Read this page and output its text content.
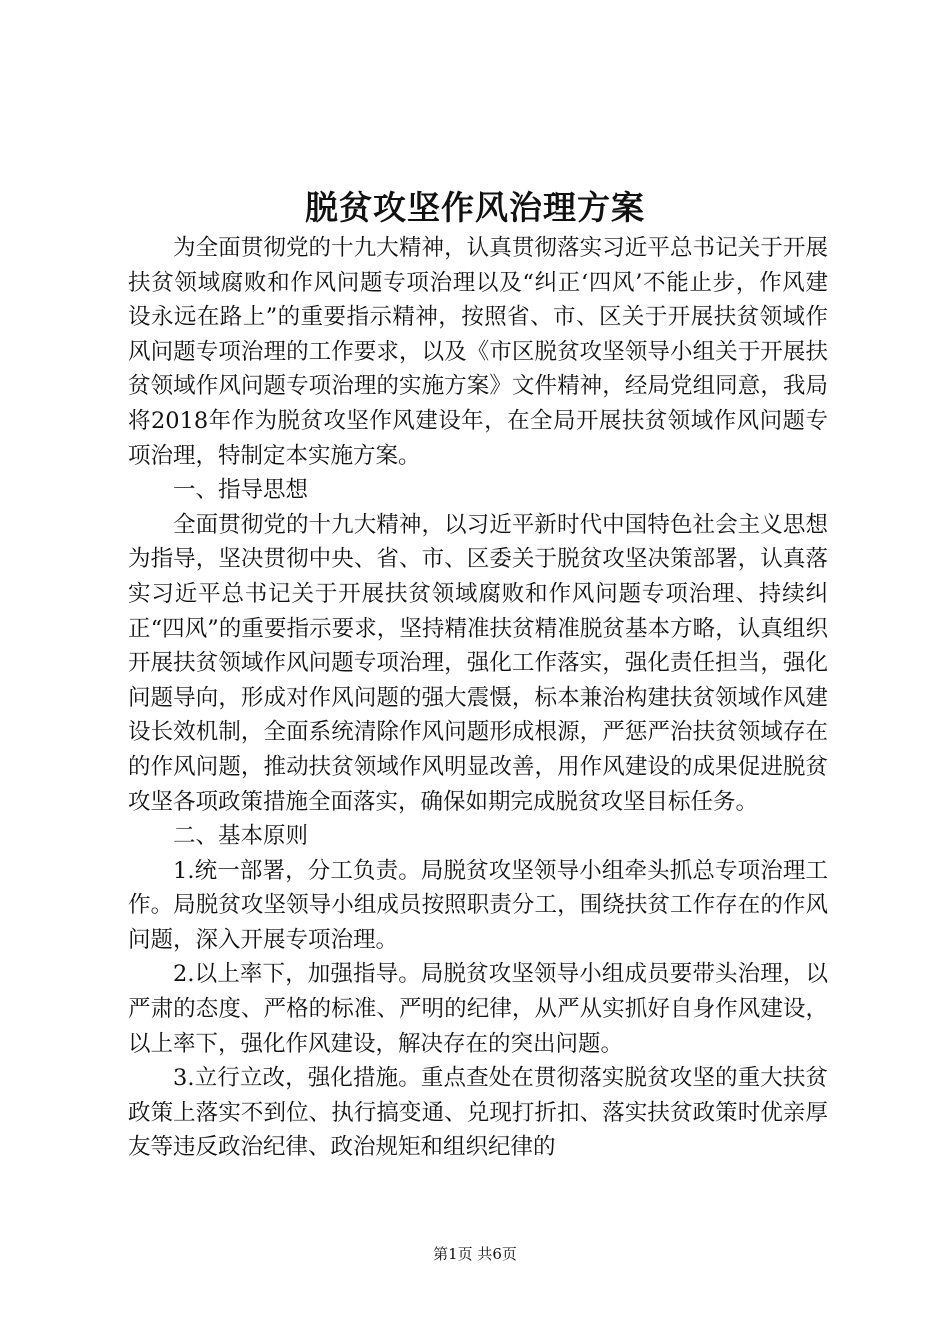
脱贫攻坚作风治理方案

为全面贯彻党的十九大精神，认真贯彻落实习近平总书记关于开展扶贫领域腐败和作风问题专项治理以及“纠正‘四风’不能止步，作风建设永远在路上”的重要指示精神，按照省、市、区关于开展扶贫领域作风问题专项治理的工作要求，以及《市区脱贫攻坚领导小组关于开展扶贫领域作风问题专项治理的实施方案》文件精神，经局党组同意，我局将2018年作为脱贫攻坚作风建设年，在全局开展扶贫领域作风问题专项治理，特制定本实施方案。

一、指导思想

全面贯彻党的十九大精神，以习近平新时代中国特色社会主义思想为指导，坚决贯彻中央、省、市、区委关于脱贫攻坚决策部署，认真落实习近平总书记关于开展扶贫领域腐败和作风问题专项治理、持续纠正“四风”的重要指示要求，坚持精准扶贫精准脱贫基本方略，认真组织开展扶贫领域作风问题专项治理，强化工作落实，强化责任担当，强化问题导向，形成对作风问题的强大震慑，标本兼治构建扶贫领域作风建设长效机制，全面系统清除作风问题形成根源，严惩严治扶贫领域存在的作风问题，推动扶贫领域作风明显改善，用作风建设的成果促进脱贫攻坚各项政策措施全面落实，确保如期完成脱贫攻坚目标任务。

二、基本原则

1.统一部署，分工负责。局脱贫攻坚领导小组牵头抓总专项治理工作。局脱贫攻坚领导小组成员按照职责分工，围绕扶贫工作存在的作风问题，深入开展专项治理。

2.以上率下，加强指导。局脱贫攻坚领导小组成员要带头治理，以严肃的态度、严格的标准、严明的纪律，从严从实抓好自身作风建设，以上率下，强化作风建设，解决存在的突出问题。

3.立行立改，强化措施。重点查处在贯彻落实脱贫攻坚的重大扶贫政策上落实不到位、执行搞变通、兑现打折扣、落实扶贫政策时优亲厚友等违反政治纪律、政治规矩和组织纪律的

第1页 共6页
